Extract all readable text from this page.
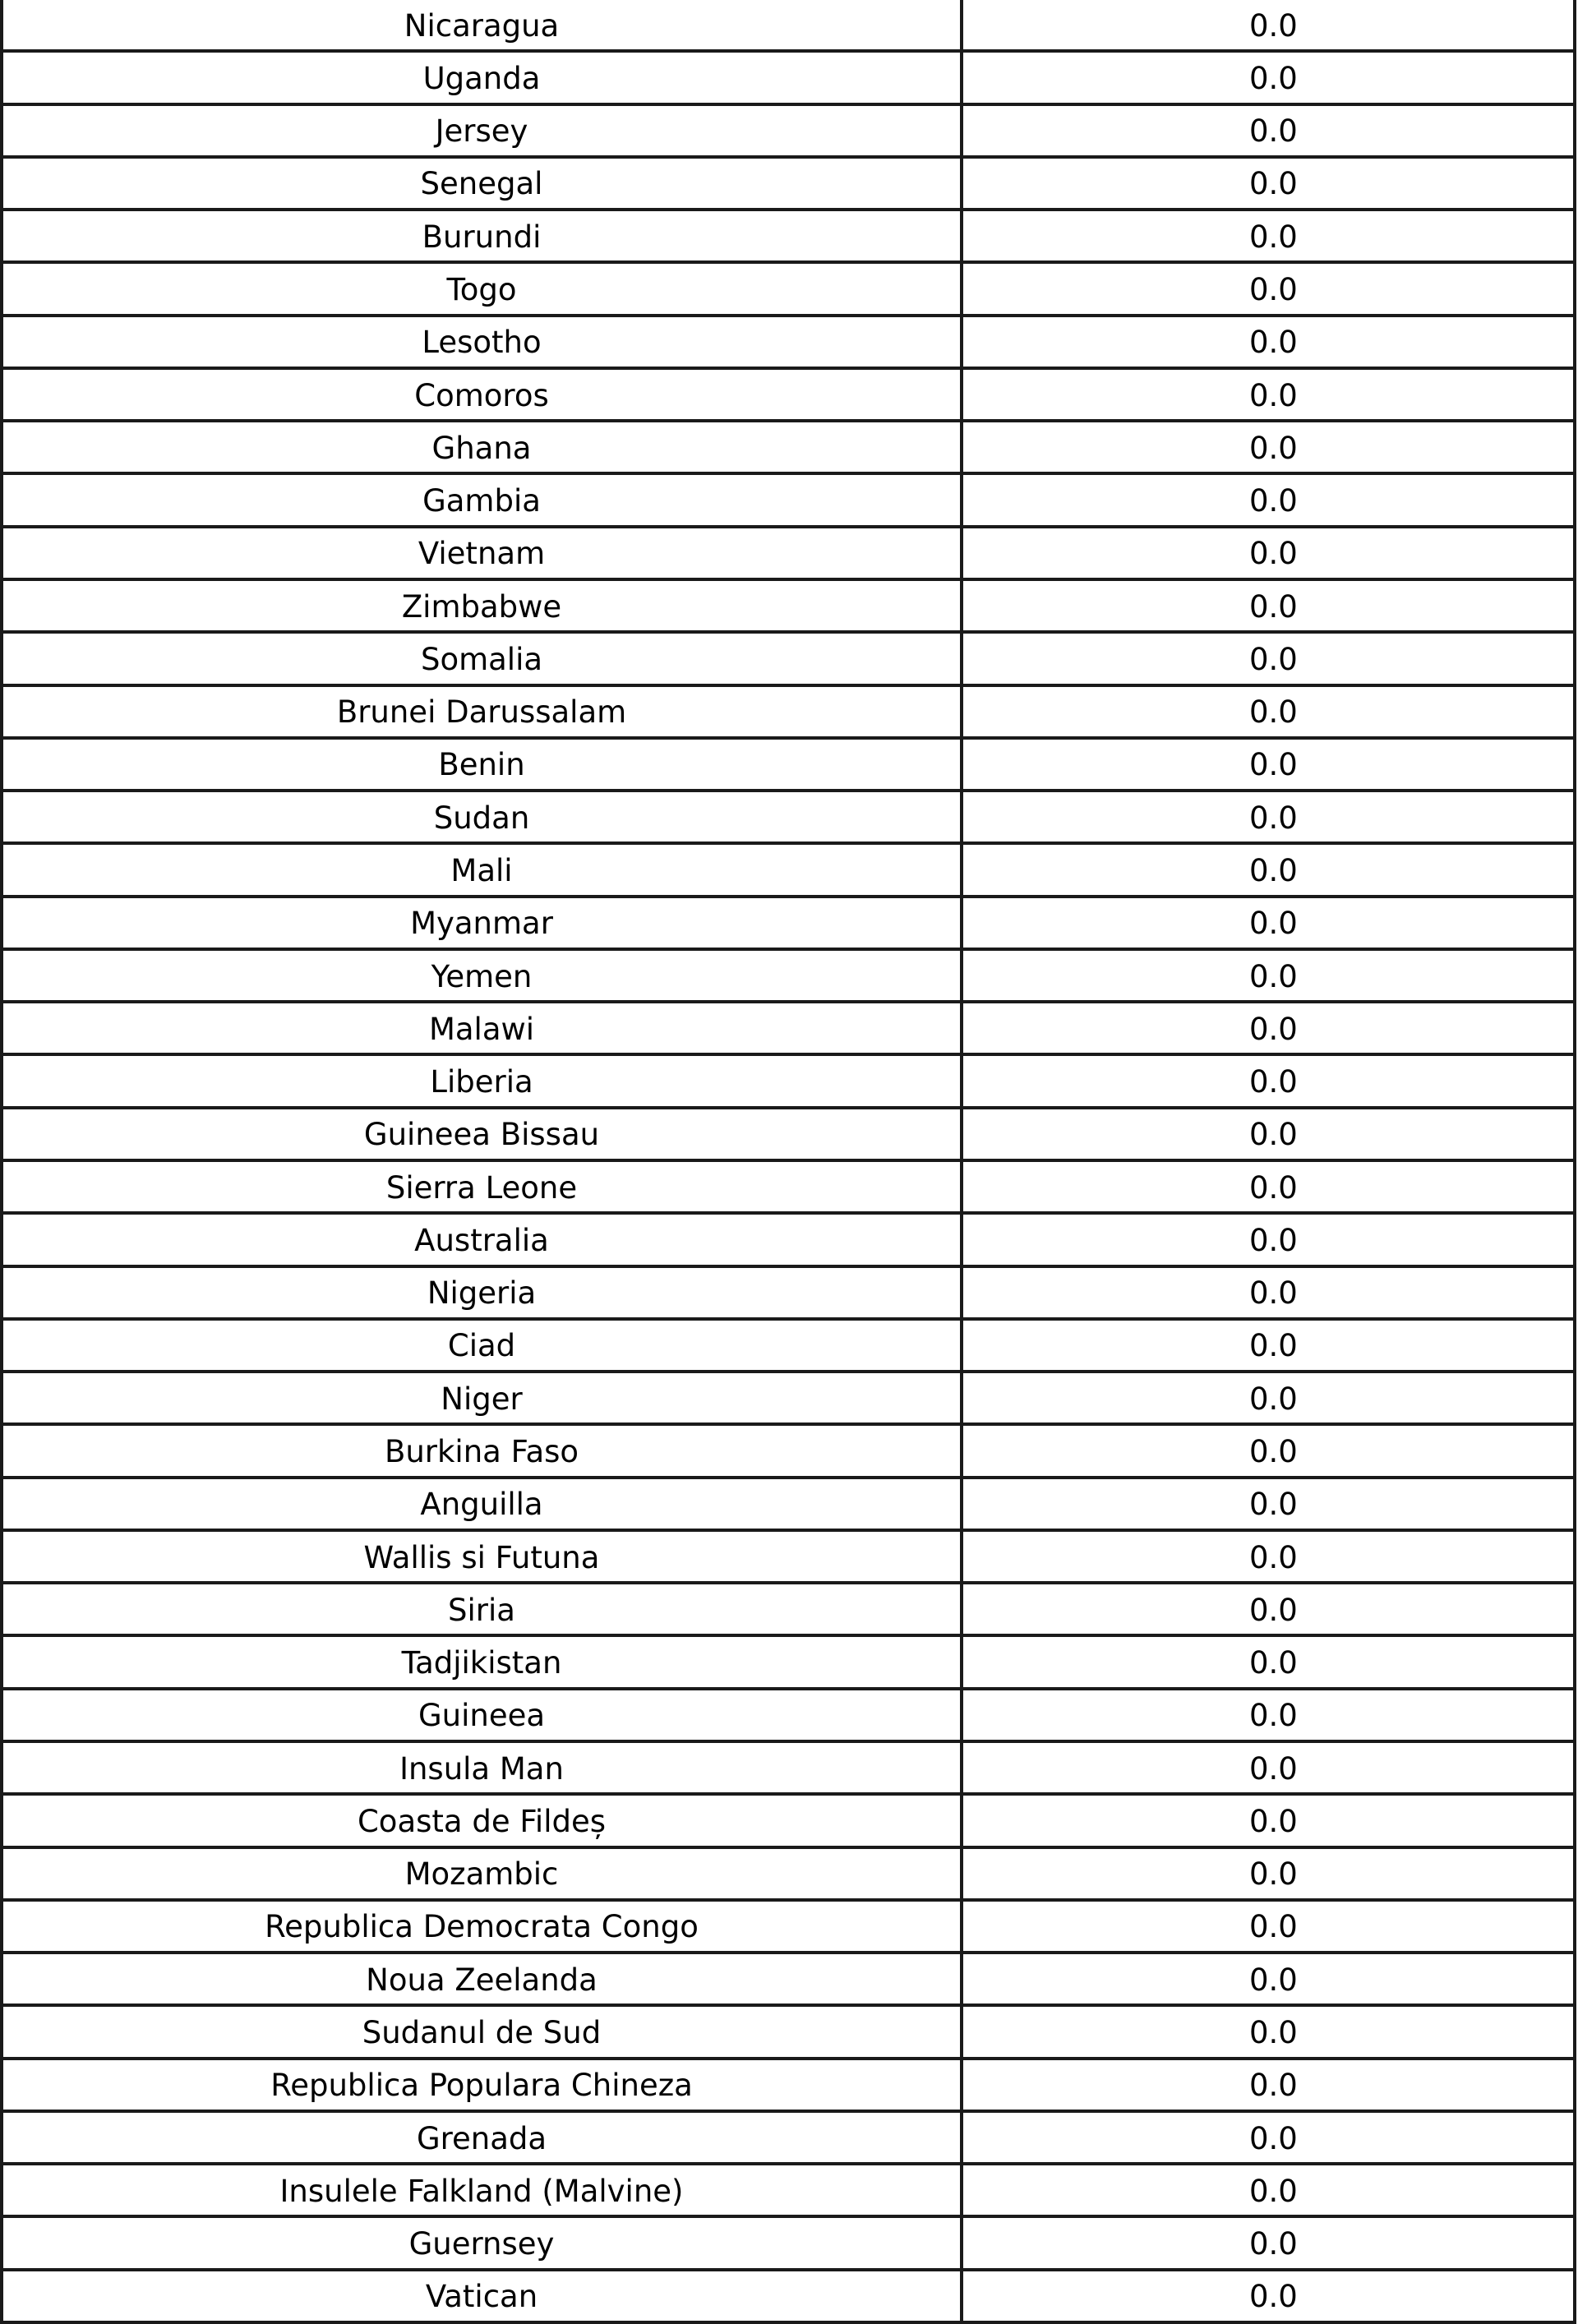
Nicaragua	0.0
Uganda	0.0
Jersey	0.0
Senegal	0.0
Burundi	0.0
Togo	0.0
Lesotho	0.0
Comoros	0.0
Ghana	0.0
Gambia	0.0
Vietnam	0.0
Zimbabwe	0.0
Somalia	0.0
Brunei Darussalam	0.0
Benin	0.0
Sudan	0.0
Mali	0.0
Myanmar	0.0
Yemen	0.0
Malawi	0.0
Liberia	0.0
Guineea Bissau	0.0
Sierra Leone	0.0
Australia	0.0
Nigeria	0.0
Ciad	0.0
Niger	0.0
Burkina Faso	0.0
Anguilla	0.0
Wallis si Futuna	0.0
Siria	0.0
Tadjikistan	0.0
Guineea	0.0
Insula Man	0.0
Coasta de Fildeș	0.0
Mozambic	0.0
Republica Democrata Congo	0.0
Noua Zeelanda	0.0
Sudanul de Sud	0.0
Republica Populara Chineza	0.0
Grenada	0.0
Insulele Falkland (Malvine)	0.0
Guernsey	0.0
Vatican	0.0
